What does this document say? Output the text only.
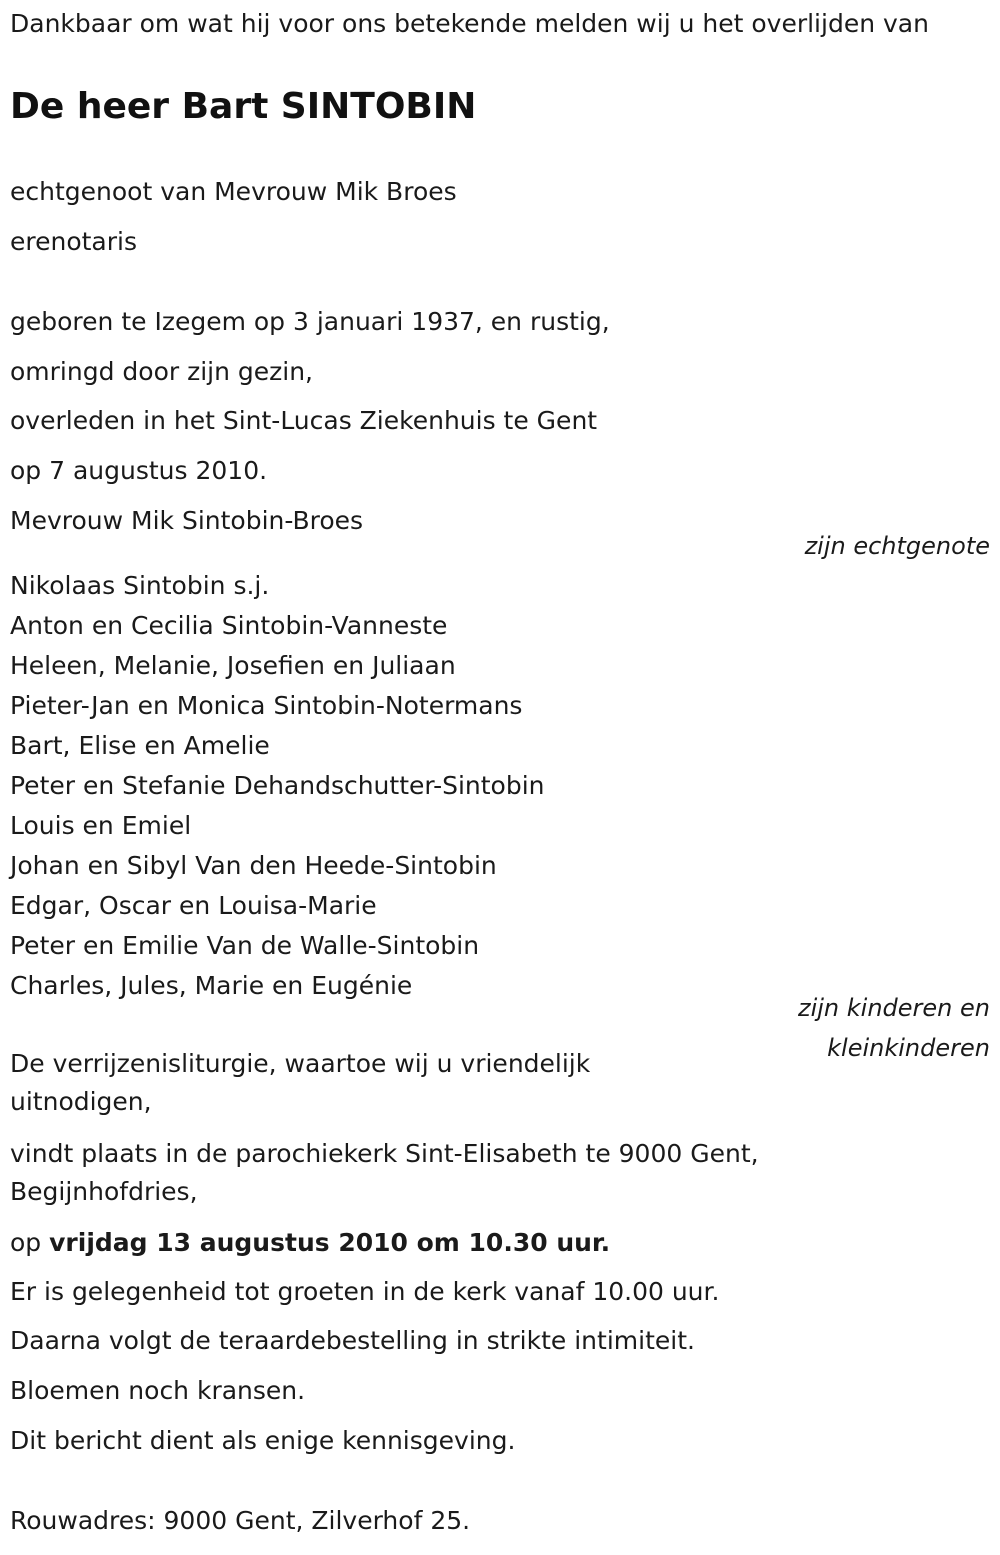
Dankbaar om wat hij voor ons betekende melden wij u het overlijden van
De heer Bart SINTOBIN
echtgenoot van Mevrouw Mik Broes
erenotaris
geboren te Izegem op 3 januari 1937, en rustig,
omringd door zijn gezin,
overleden in het Sint-Lucas Ziekenhuis te Gent
op 7 augustus 2010.
Mevrouw Mik Sintobin-Broes
zijn echtgenote
Nikolaas Sintobin s.j.
Anton en Cecilia Sintobin-Vanneste
Heleen, Melanie, Josefien en Juliaan
Pieter-Jan en Monica Sintobin-Notermans
Bart, Elise en Amelie
Peter en Stefanie Dehandschutter-Sintobin
Louis en Emiel
Johan en Sibyl Van den Heede-Sintobin
Edgar, Oscar en Louisa-Marie
Peter en Emilie Van de Walle-Sintobin
Charles, Jules, Marie en Eugénie
zijn kinderen en
kleinkinderen
De verrijzenisliturgie, waartoe wij u vriendelijk uitnodigen,
vindt plaats in de parochiekerk Sint-Elisabeth te 9000 Gent, Begijnhofdries,
op vrijdag 13 augustus 2010 om 10.30 uur.
Er is gelegenheid tot groeten in de kerk vanaf 10.00 uur.
Daarna volgt de teraardebestelling in strikte intimiteit.
Bloemen noch kransen.
Dit bericht dient als enige kennisgeving.
Rouwadres: 9000 Gent, Zilverhof 25.
